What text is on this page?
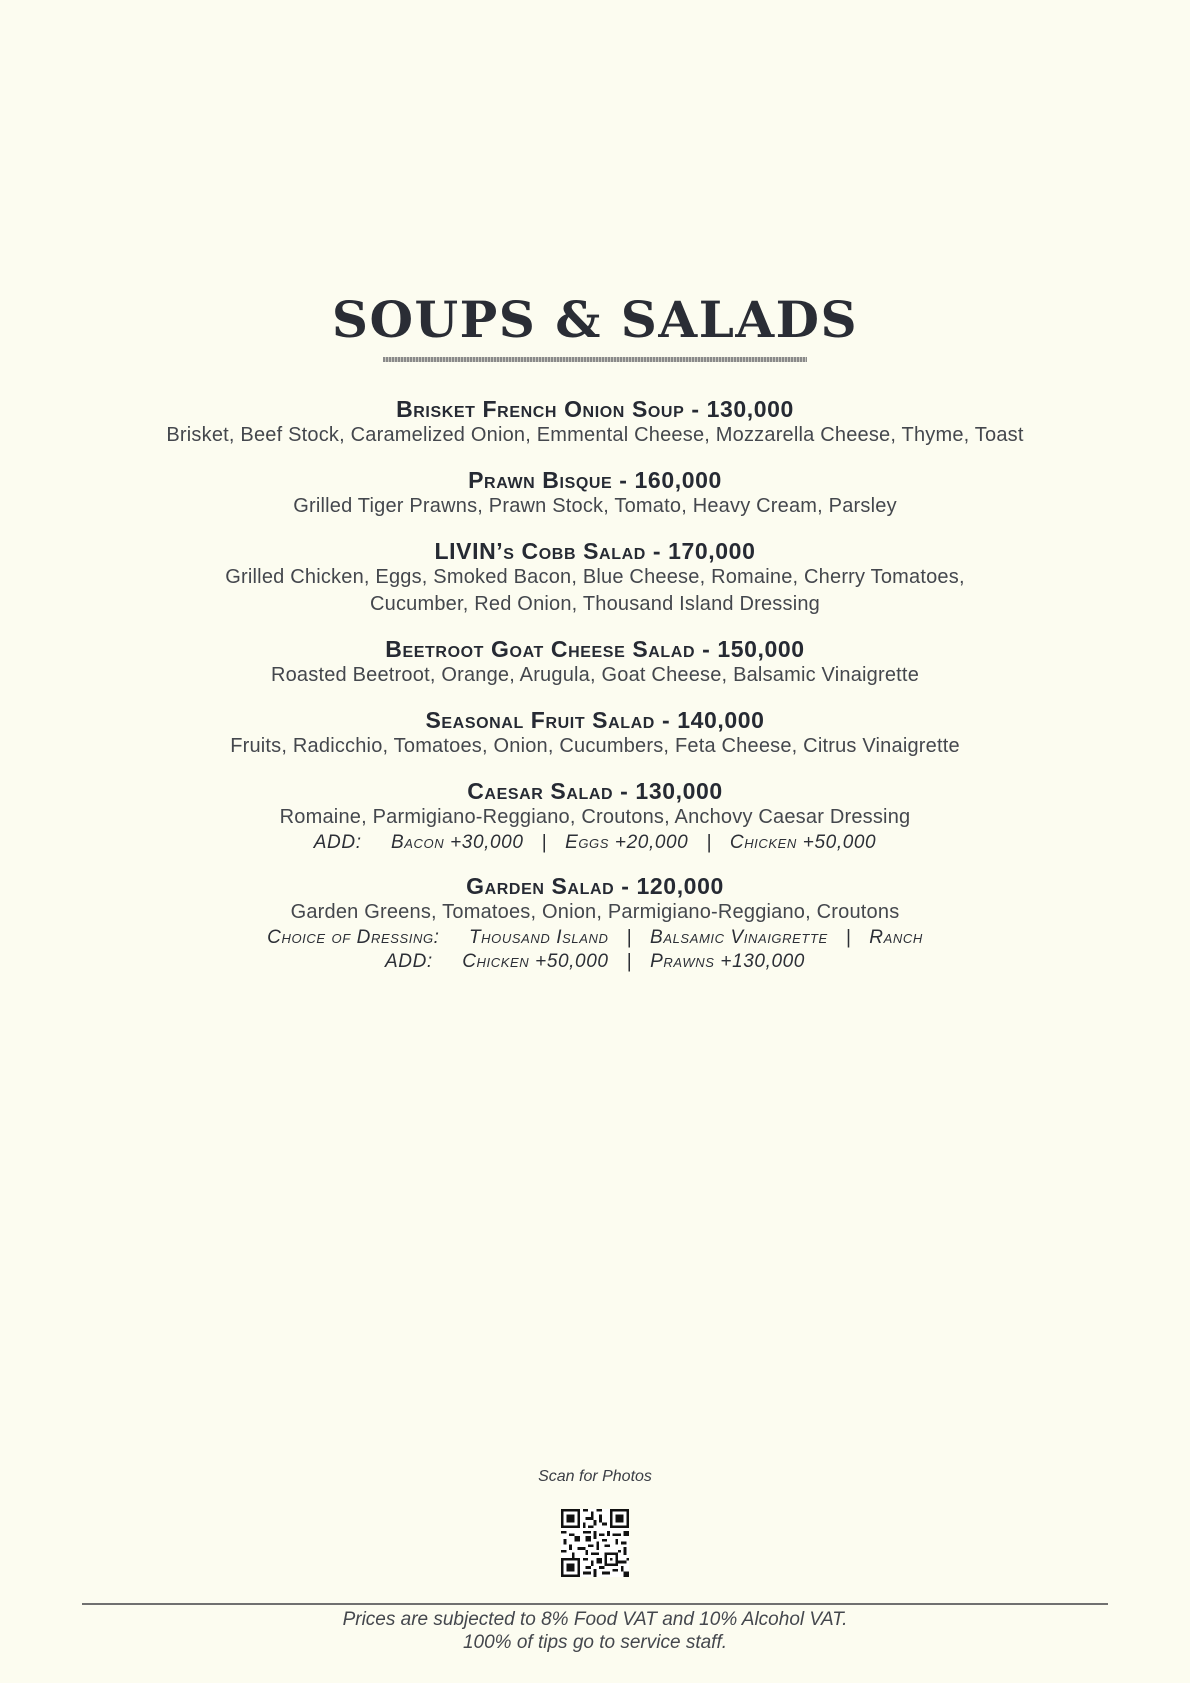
SOUPS & SALADS
Brisket French Onion Soup - 130,000
Brisket, Beef Stock, Caramelized Onion, Emmental Cheese, Mozzarella Cheese, Thyme, Toast
Prawn Bisque - 160,000
Grilled Tiger Prawns, Prawn Stock, Tomato, Heavy Cream, Parsley
LIVIN’s Cobb Salad - 170,000
Grilled Chicken, Eggs, Smoked Bacon, Blue Cheese, Romaine, Cherry Tomatoes,
Cucumber, Red Onion, Thousand Island Dressing
Beetroot Goat Cheese Salad - 150,000
Roasted Beetroot, Orange, Arugula, Goat Cheese, Balsamic Vinaigrette
Seasonal Fruit Salad - 140,000
Fruits, Radicchio, Tomatoes, Onion, Cucumbers, Feta Cheese, Citrus Vinaigrette
Caesar Salad - 130,000
Romaine, Parmigiano-Reggiano, Croutons, Anchovy Caesar Dressing
ADD: Bacon +30,000 | Eggs +20,000 | Chicken +50,000
Garden Salad - 120,000
Garden Greens, Tomatoes, Onion, Parmigiano-Reggiano, Croutons
Choice of Dressing: Thousand Island | Balsamic Vinaigrette | Ranch
ADD: Chicken +50,000 | Prawns +130,000
Scan for Photos
Prices are subjected to 8% Food VAT and 10% Alcohol VAT.
100% of tips go to service staff.
